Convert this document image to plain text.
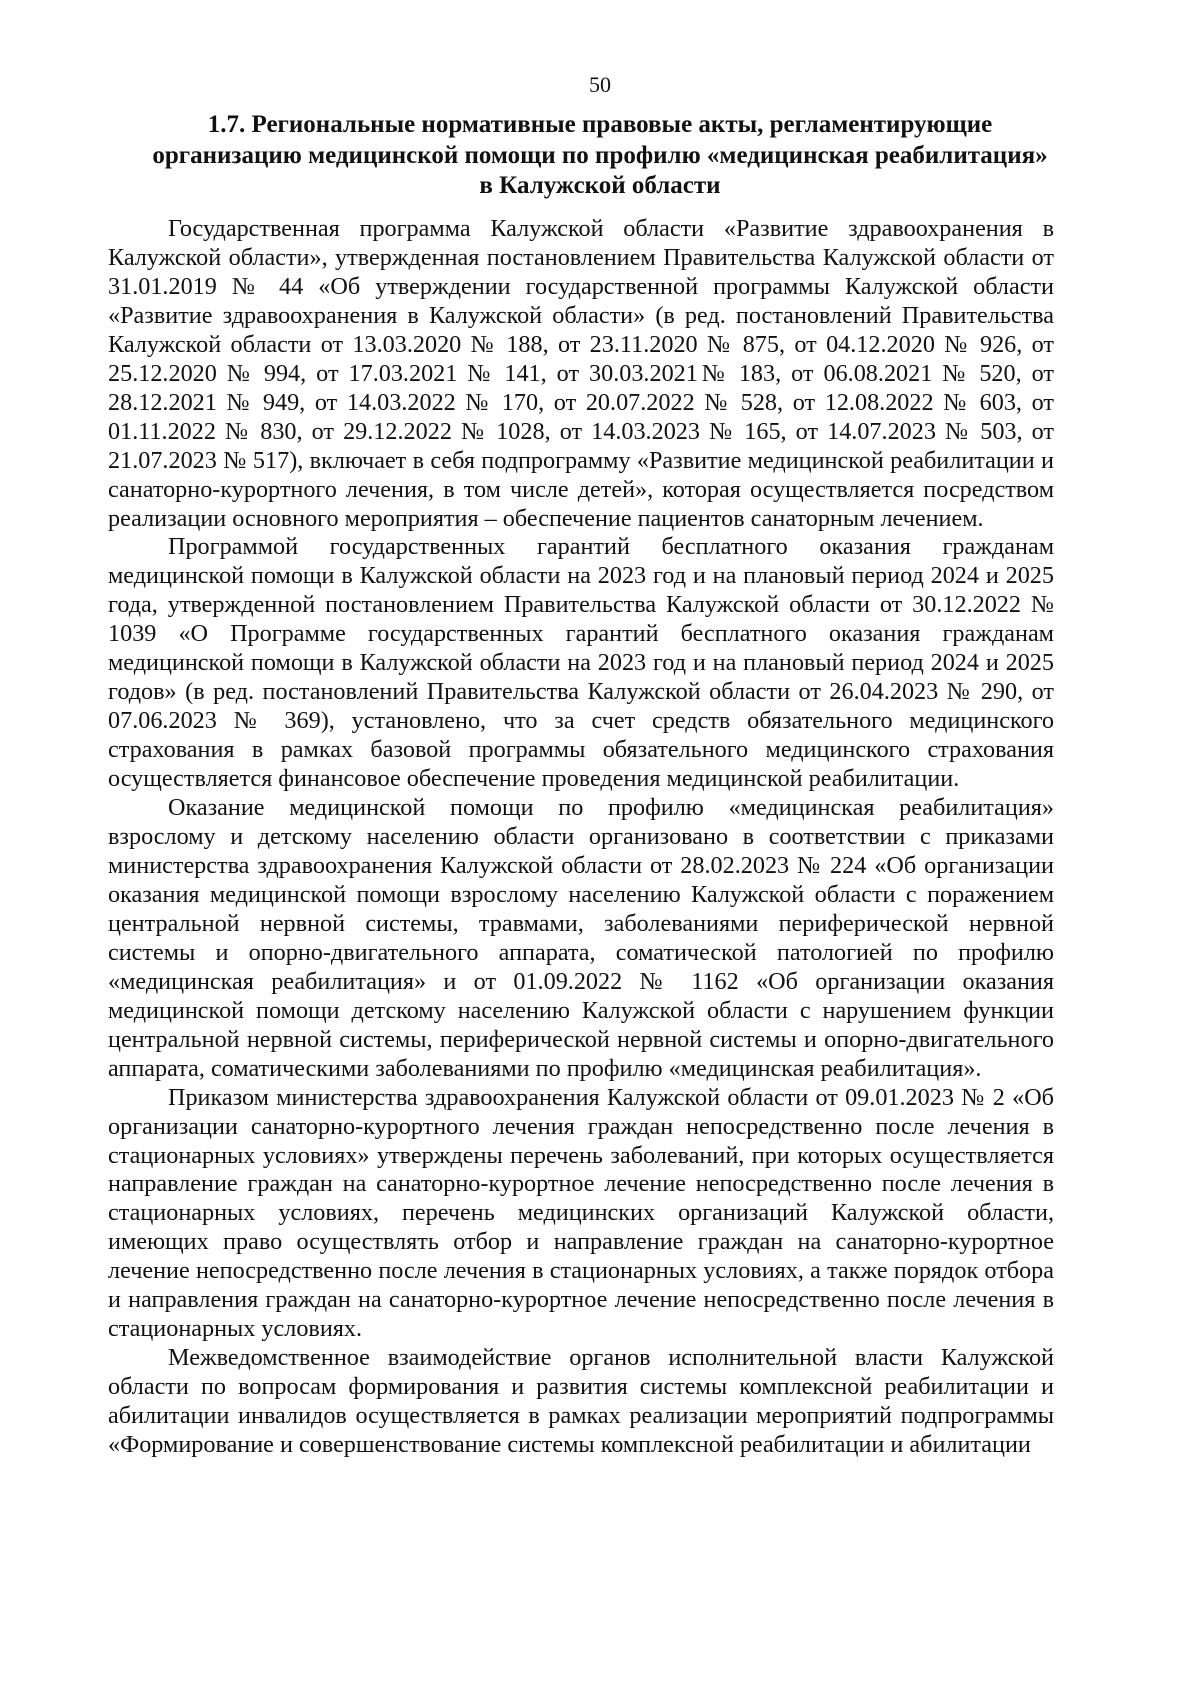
50
1.7. Региональные нормативные правовые акты, регламентирующие
организацию медицинской помощи по профилю «медицинская реабилитация»
в Калужской области

Государственная программа Калужской области «Развитие здравоохранения в Калужской области», утвержденная постановлением Правительства Калужской области от 31.01.2019 № 44 «Об утверждении государственной программы Калужской области «Развитие здравоохранения в Калужской области» (в ред. постановлений Правительства Калужской области от 13.03.2020 № 188, от 23.11.2020 № 875, от 04.12.2020 № 926, от 25.12.2020 № 994, от 17.03.2021 № 141, от 30.03.2021№ 183, от 06.08.2021 № 520, от 28.12.2021 № 949, от 14.03.2022 № 170, от 20.07.2022 № 528, от 12.08.2022 № 603, от 01.11.2022 № 830, от 29.12.2022 № 1028, от 14.03.2023 № 165, от 14.07.2023 № 503, от 21.07.2023 № 517), включает в себя подпрограмму «Развитие медицинской реабилитации и санаторно-курортного лечения, в том числе детей», которая осуществляется посредством реализации основного мероприятия – обеспечение пациентов санаторным лечением.

Программой государственных гарантий бесплатного оказания гражданам медицинской помощи в Калужской области на 2023 год и на плановый период 2024 и 2025 года, утвержденной постановлением Правительства Калужской области от 30.12.2022 № 1039 «О Программе государственных гарантий бесплатного оказания гражданам медицинской помощи в Калужской области на 2023 год и на плановый период 2024 и 2025 годов» (в ред. постановлений Правительства Калужской области от 26.04.2023 № 290, от 07.06.2023 № 369), установлено, что за счет средств обязательного медицинского страхования в рамках базовой программы обязательного медицинского страхования осуществляется финансовое обеспечение проведения медицинской реабилитации.

Оказание медицинской помощи по профилю «медицинская реабилитация» взрослому и детскому населению области организовано в соответствии с приказами министерства здравоохранения Калужской области от 28.02.2023 № 224 «Об организации оказания медицинской помощи взрослому населению Калужской области с поражением центральной нервной системы, травмами, заболеваниями периферической нервной системы и опорно-двигательного аппарата, соматической патологией по профилю «медицинская реабилитация» и от 01.09.2022 № 1162 «Об организации оказания медицинской помощи детскому населению Калужской области с нарушением функции центральной нервной системы, периферической нервной системы и опорно-двигательного аппарата, соматическими заболеваниями по профилю «медицинская реабилитация».

Приказом министерства здравоохранения Калужской области от 09.01.2023 № 2 «Об организации санаторно-курортного лечения граждан непосредственно после лечения в стационарных условиях» утверждены перечень заболеваний, при которых осуществляется направление граждан на санаторно-курортное лечение непосредственно после лечения в стационарных условиях, перечень медицинских организаций Калужской области, имеющих право осуществлять отбор и направление граждан на санаторно-курортное лечение непосредственно после лечения в стационарных условиях, а также порядок отбора и направления граждан на санаторно-курортное лечение непосредственно после лечения в стационарных условиях.

Межведомственное взаимодействие органов исполнительной власти Калужской области по вопросам формирования и развития системы комплексной реабилитации и абилитации инвалидов осуществляется в рамках реализации мероприятий подпрограммы «Формирование и совершенствование системы комплексной реабилитации и абилитации
